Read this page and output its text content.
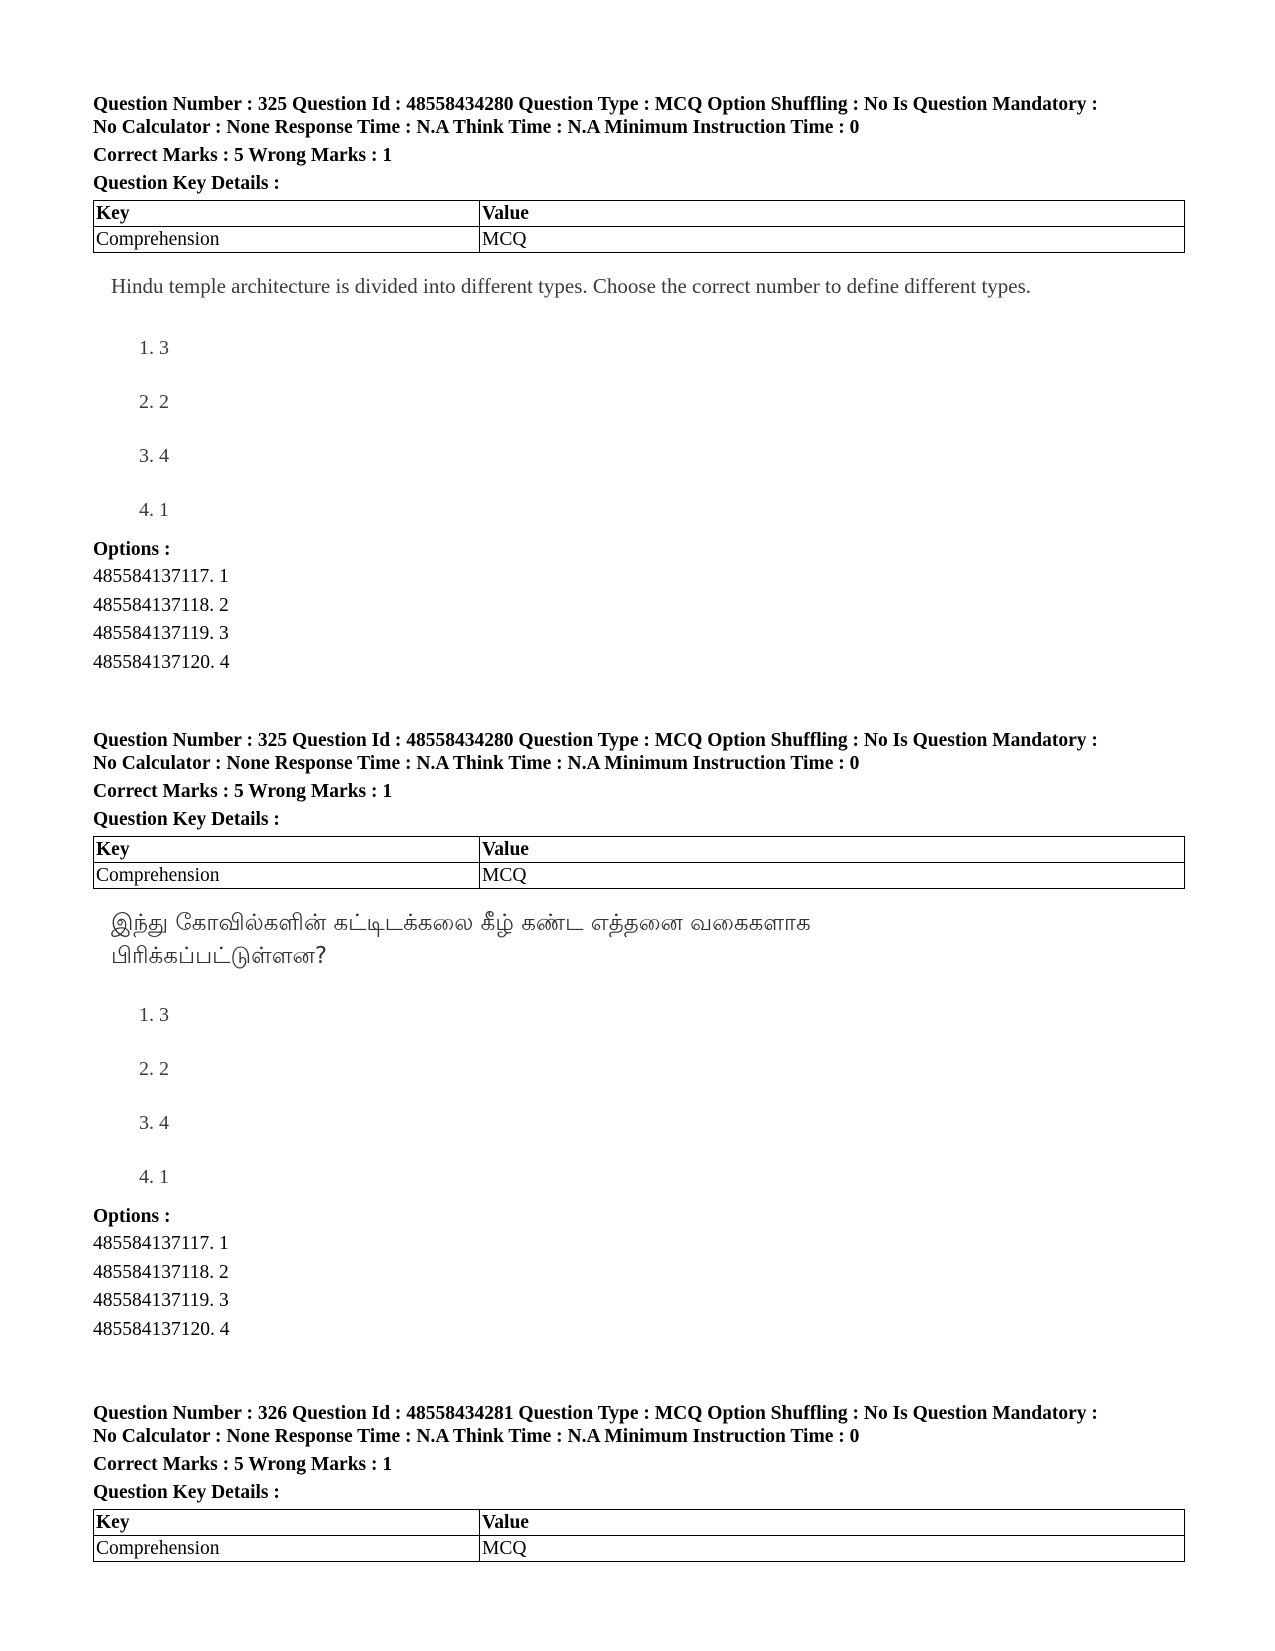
Question Number : 325 Question Id : 48558434280 Question Type : MCQ Option Shuffling : No Is Question Mandatory :
No Calculator : None Response Time : N.A Think Time : N.A Minimum Instruction Time : 0
Correct Marks : 5 Wrong Marks : 1
Question Key Details :
Key	Value
Comprehension	MCQ
Hindu temple architecture is divided into different types. Choose the correct number to define different types.
1. 3
2. 2
3. 4
4. 1
Options :
485584137117. 1
485584137118. 2
485584137119. 3
485584137120. 4
Question Number : 325 Question Id : 48558434280 Question Type : MCQ Option Shuffling : No Is Question Mandatory :
No Calculator : None Response Time : N.A Think Time : N.A Minimum Instruction Time : 0
Correct Marks : 5 Wrong Marks : 1
Question Key Details :
Key	Value
Comprehension	MCQ
இந்து கோவில்களின் கட்டிடக்கலை கீழ் கண்ட எத்தனை வகைகளாக
பிரிக்கப்பட்டுள்ளன?
1. 3
2. 2
3. 4
4. 1
Options :
485584137117. 1
485584137118. 2
485584137119. 3
485584137120. 4
Question Number : 326 Question Id : 48558434281 Question Type : MCQ Option Shuffling : No Is Question Mandatory :
No Calculator : None Response Time : N.A Think Time : N.A Minimum Instruction Time : 0
Correct Marks : 5 Wrong Marks : 1
Question Key Details :
Key	Value
Comprehension	MCQ
